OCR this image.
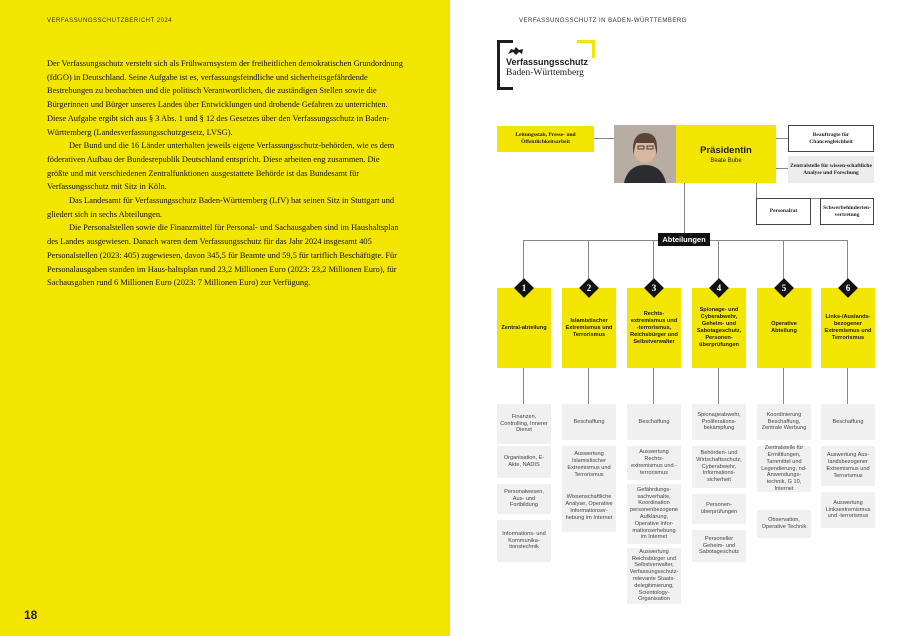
VERFASSUNGSSCHUTZBERICHT 2024

Der Verfassungsschutz versteht sich als Frühwarnsystem der freiheitlichen demokratischen Grundordnung (fdGO) in Deutschland. Seine Aufgabe ist es, verfassungsfeindliche und sicherheitsgefährdende Bestrebungen zu beobachten und die politisch Verantwortlichen, die zuständigen Stellen sowie die Bürgerinnen und Bürger unseres Landes über Entwicklungen und drohende Gefahren zu unterrichten. Diese Aufgabe ergibt sich aus § 3 Abs. 1 und § 12 des Gesetzes über den Verfassungsschutz in Baden-Württemberg (Landesverfassungsschutzgesetz, LVSG).

Der Bund und die 16 Länder unterhalten jeweils eigene Verfassungsschutz-behörden, wie es dem föderativen Aufbau der Bundesrepublik Deutschland entspricht. Diese arbeiten eng zusammen. Die größte und mit verschiedenen Zentralfunktionen ausgestattete Behörde ist das Bundesamt für Verfassungsschutz mit Sitz in Köln.

Das Landesamt für Verfassungsschutz Baden-Württemberg (LfV) hat seinen Sitz in Stuttgart und gliedert sich in sechs Abteilungen.

Die Personalstellen sowie die Finanzmittel für Personal- und Sachausgaben sind im Haushaltsplan des Landes ausgewiesen. Danach waren dem Verfassungsschutz für das Jahr 2024 insgesamt 405 Personalstellen (2023: 405) zugewiesen, davon 345,5 für Beamte und 59,5 für tariflich Beschäftigte. Für Personalausgaben standen im Haus-haltsplan rund 23,2 Millionen Euro (2023: 23,2 Millionen Euro), für Sachausgaben rund 6 Millionen Euro (2023: 7 Millionen Euro) zur Verfügung.

18
VERFASSUNGSSCHUTZ IN BADEN-WÜRTTEMBERG
Verfassungsschutz
Baden-Württemberg
Leitungsstab, Presse- und Öffentlichkeitsarbeit
Präsidentin
Beate Bube
Beauftragte für Chancengleichheit
Zentralstelle für wissen-schaftliche Analyse und Forschung
Personalrat
Schwerbehinderten-vertretung
Abteilungen
Zentral-abteilung
1
Finanzen, Controlling, Innerer Dienst
Organisation, E-Akte, NADIS
Personalwesen, Aus- und Fortbildung
Informations- und Kommunika-tionstechnik
Islamistischer Extremismus und Terrorismus
2
Beschaffung
Auswertung Islamistischer Extremismus und Terrorismus
Wissenschaftliche Analyse, Operative Informationser-hebung im Internet
Rechts-extremismus und -terrorismus, Reichsbürger und Selbstverwalter
3
Beschaffung
Auswertung Rechts-extremismus und -terrorismus
Gefährdungs-sachverhalte, Koordination personenbezogene Aufklärung, Operative Infor-mationserhebung im Internet
Auswertung Reichsbürger und Selbstverwalter, Verfassungsschutz-relevante Staats-delegitimierung, Scientology-Organisation
Spionage- und Cyberabwehr, Geheim- und Sabotageschutz, Personen-überprüfungen
4
Spionageabwehr, Proliferations-bekämpfung
Behörden- und Wirtschaftsschutz, Cyberabwehr, Informations-sicherheit
Personen-überprüfungen
Personeller Geheim- und Sabotageschutz
Operative Abteilung
5
Koordinierung Beschaffung, Zentrale Werbung
Zentralstelle für Ermittlungen, Tarnmittel und Legendierung, nd-Anwendungs-technik, G 10, Internet
Observation, Operative Technik
Links-/Auslands-bezogener Extremismus und Terrorismus
6
Beschaffung
Auswertung Aus-landsbezogener Extremismus und Terrorismus
Auswertung Linksextremismus und -terrorismus
